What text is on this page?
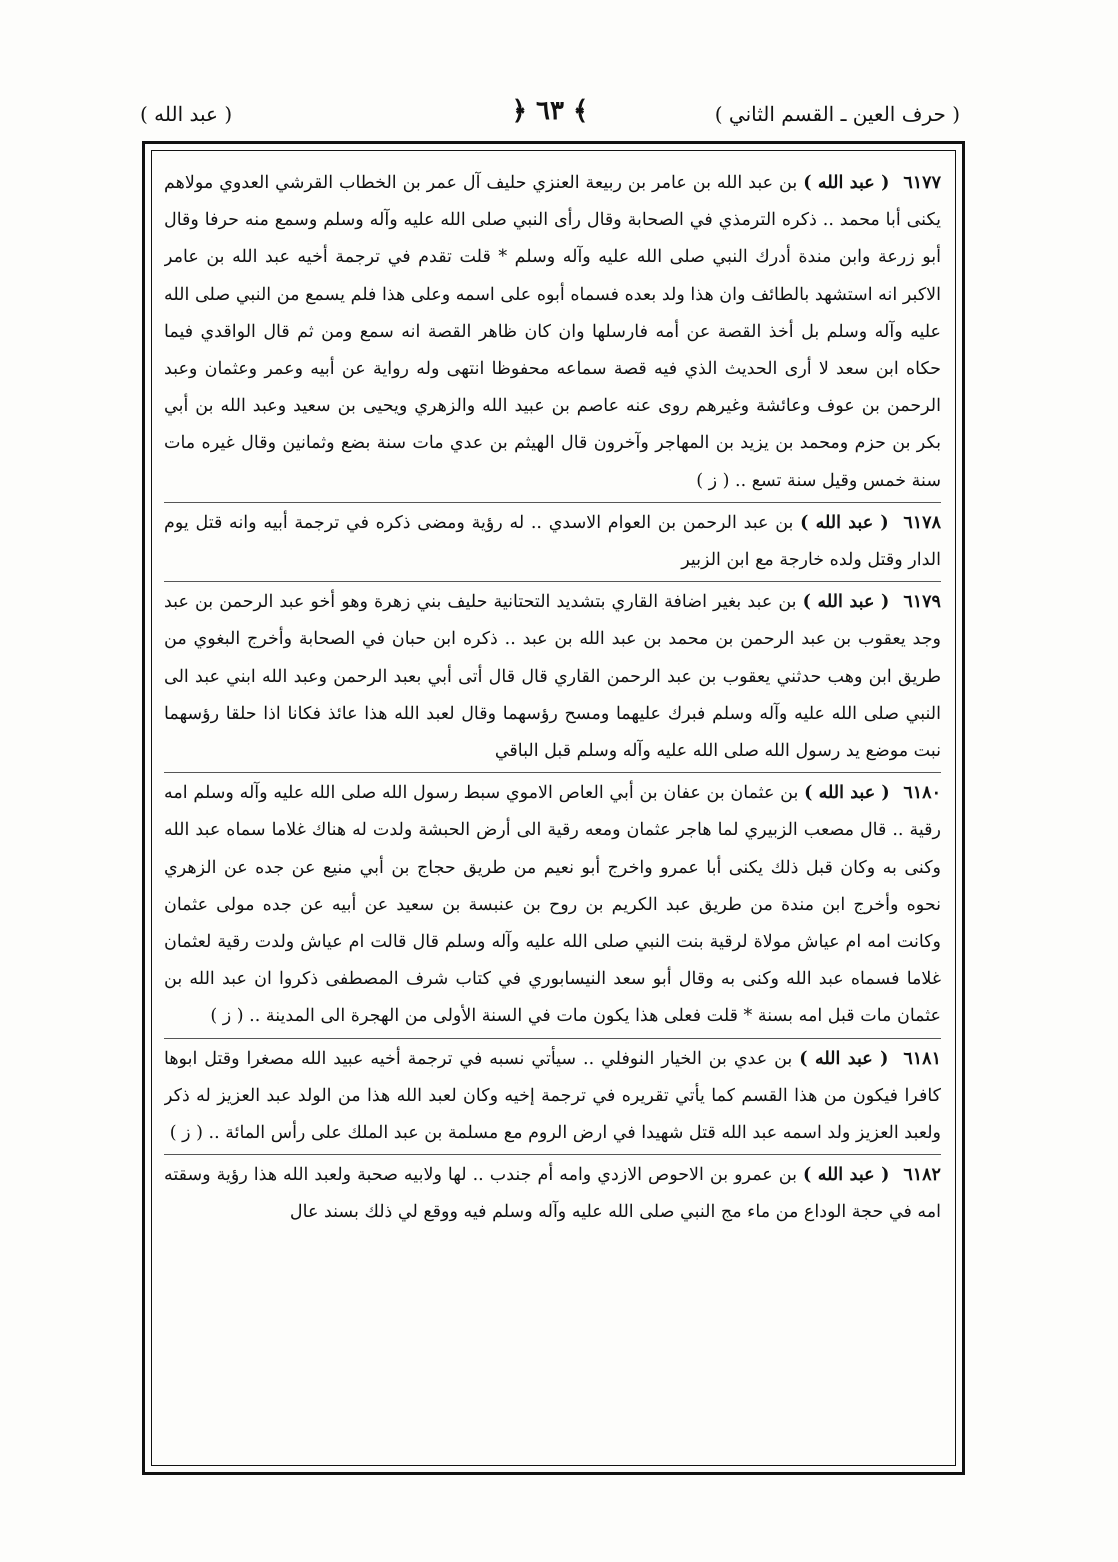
( حرف العين ـ القسم الثاني )
﴾ ٦٣ ﴿
( عبد الله )
٦١٧٧ ( عبد الله ) بن عبد الله بن عامر بن ربيعة العنزي حليف آل عمر بن الخطاب القرشي العدوي مولاهم يكنى أبا محمد .. ذكره الترمذي في الصحابة وقال رأى النبي صلى الله عليه وآله وسلم وسمع منه حرفا وقال أبو زرعة وابن مندة أدرك النبي صلى الله عليه وآله وسلم * قلت تقدم في ترجمة أخيه عبد الله بن عامر الاكبر انه استشهد بالطائف وان هذا ولد بعده فسماه أبوه على اسمه وعلى هذا فلم يسمع من النبي صلى الله عليه وآله وسلم بل أخذ القصة عن أمه فارسلها وان كان ظاهر القصة انه سمع ومن ثم قال الواقدي فيما حكاه ابن سعد لا أرى الحديث الذي فيه قصة سماعه محفوظا انتهى وله رواية عن أبيه وعمر وعثمان وعبد الرحمن بن عوف وعائشة وغيرهم روى عنه عاصم بن عبيد الله والزهري ويحيى بن سعيد وعبد الله بن أبي بكر بن حزم ومحمد بن يزيد بن المهاجر وآخرون قال الهيثم بن عدي مات سنة بضع وثمانين وقال غيره مات سنة خمس وقيل سنة تسع .. ( ز )
٦١٧٨ ( عبد الله ) بن عبد الرحمن بن العوام الاسدي .. له رؤية ومضى ذكره في ترجمة أبيه وانه قتل يوم الدار وقتل ولده خارجة مع ابن الزبير
٦١٧٩ ( عبد الله ) بن عبد بغير اضافة القاري بتشديد التحتانية حليف بني زهرة وهو أخو عبد الرحمن بن عبد وجد يعقوب بن عبد الرحمن بن محمد بن عبد الله بن عبد .. ذكره ابن حبان في الصحابة وأخرج البغوي من طريق ابن وهب حدثني يعقوب بن عبد الرحمن القاري قال قال أتى أبي بعبد الرحمن وعبد الله ابني عبد الى النبي صلى الله عليه وآله وسلم فبرك عليهما ومسح رؤسهما وقال لعبد الله هذا عائذ فكانا اذا حلقا رؤسهما نبت موضع يد رسول الله صلى الله عليه وآله وسلم قبل الباقي
٦١٨٠ ( عبد الله ) بن عثمان بن عفان بن أبي العاص الاموي سبط رسول الله صلى الله عليه وآله وسلم امه رقية .. قال مصعب الزبيري لما هاجر عثمان ومعه رقية الى أرض الحبشة ولدت له هناك غلاما سماه عبد الله وكنى به وكان قبل ذلك يكنى أبا عمرو واخرج أبو نعيم من طريق حجاج بن أبي منيع عن جده عن الزهري نحوه وأخرج ابن مندة من طريق عبد الكريم بن روح بن عنبسة بن سعيد عن أبيه عن جده مولى عثمان وكانت امه ام عياش مولاة لرقية بنت النبي صلى الله عليه وآله وسلم قال قالت ام عياش ولدت رقية لعثمان غلاما فسماه عبد الله وكنى به وقال أبو سعد النيسابوري في كتاب شرف المصطفى ذكروا ان عبد الله بن عثمان مات قبل امه بسنة * قلت فعلى هذا يكون مات في السنة الأولى من الهجرة الى المدينة .. ( ز )
٦١٨١ ( عبد الله ) بن عدي بن الخيار النوفلي .. سيأتي نسبه في ترجمة أخيه عبيد الله مصغرا وقتل ابوها كافرا فيكون من هذا القسم كما يأتي تقريره في ترجمة إخيه وكان لعبد الله هذا من الولد عبد العزيز له ذكر ولعبد العزيز ولد اسمه عبد الله قتل شهيدا في ارض الروم مع مسلمة بن عبد الملك على رأس المائة .. ( ز )
٦١٨٢ ( عبد الله ) بن عمرو بن الاحوص الازدي وامه أم جندب .. لها ولابيه صحبة ولعبد الله هذا رؤية وسقته امه في حجة الوداع من ماء مج النبي صلى الله عليه وآله وسلم فيه ووقع لي ذلك بسند عال
